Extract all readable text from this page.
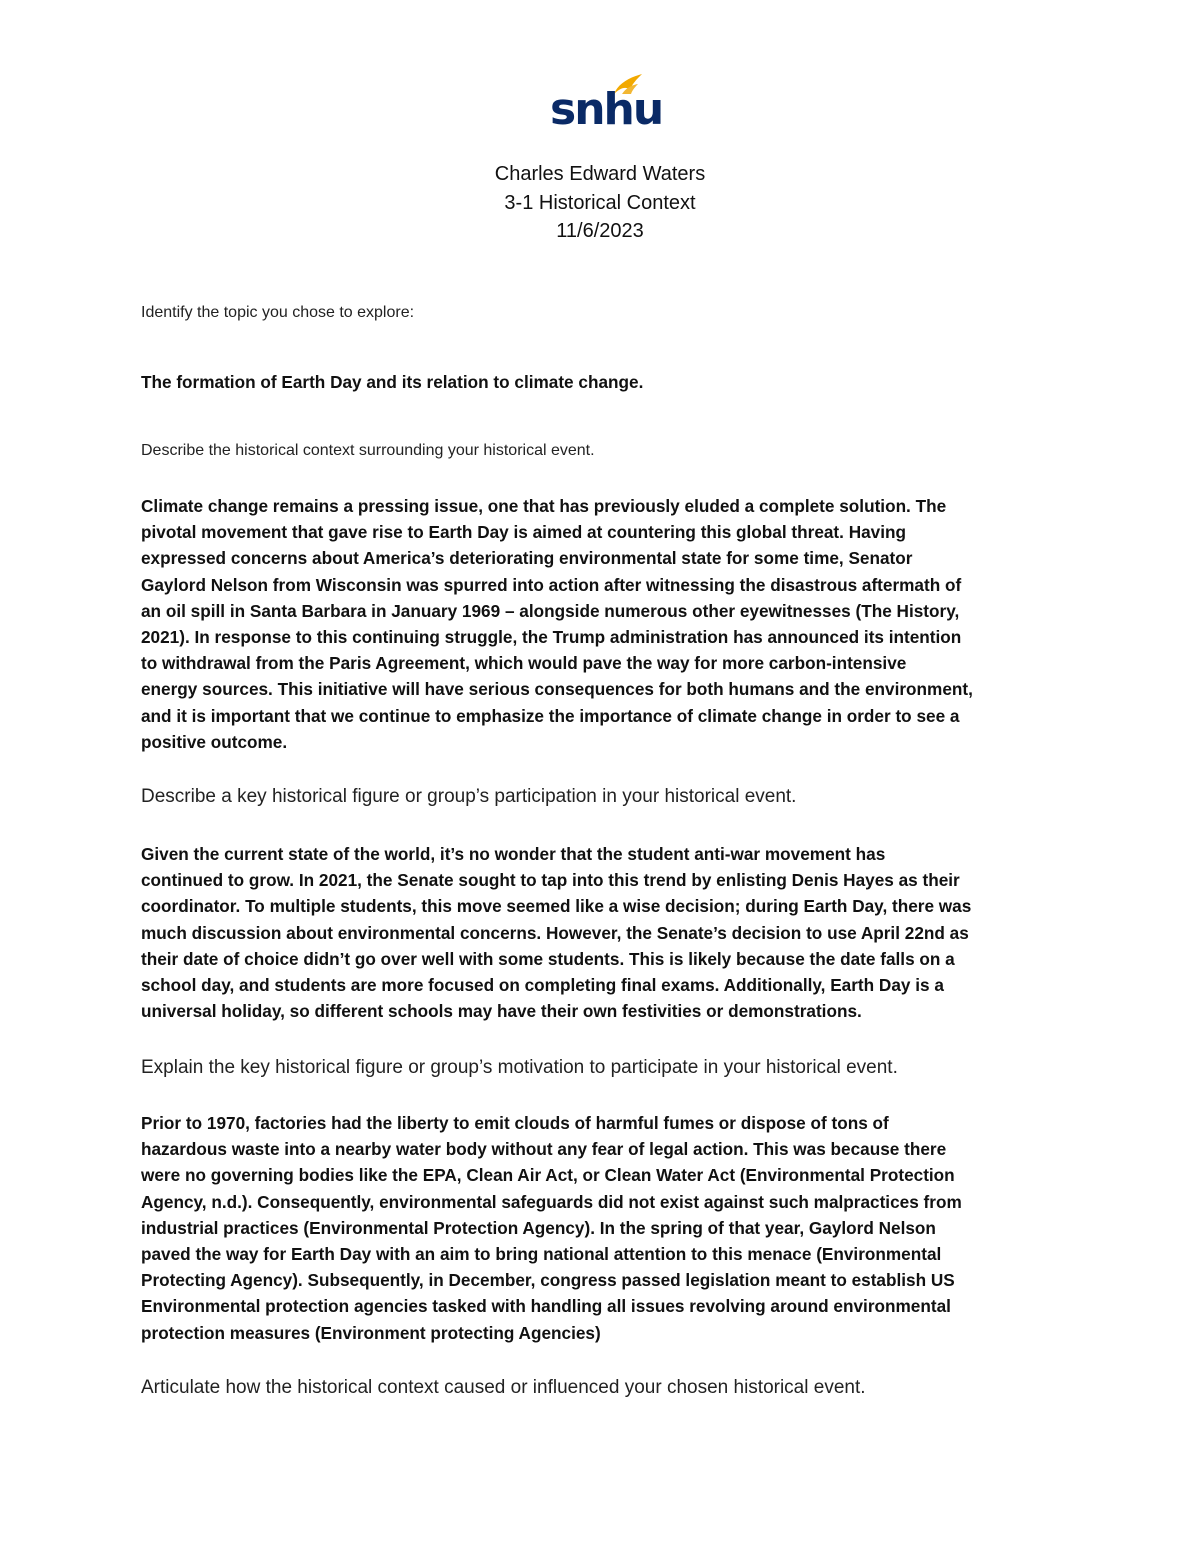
snhu
Charles Edward Waters
3-1 Historical Context
11/6/2023
Identify the topic you chose to explore:
The formation of Earth Day and its relation to climate change.
Describe the historical context surrounding your historical event.
Climate change remains a pressing issue, one that has previously eluded a complete solution. The
pivotal movement that gave rise to Earth Day is aimed at countering this global threat. Having
expressed concerns about America’s deteriorating environmental state for some time, Senator
Gaylord Nelson from Wisconsin was spurred into action after witnessing the disastrous aftermath of
an oil spill in Santa Barbara in January 1969 – alongside numerous other eyewitnesses (The History,
2021). In response to this continuing struggle, the Trump administration has announced its intention
to withdrawal from the Paris Agreement, which would pave the way for more carbon-intensive
energy sources. This initiative will have serious consequences for both humans and the environment,
and it is important that we continue to emphasize the importance of climate change in order to see a
positive outcome.
Describe a key historical figure or group’s participation in your historical event.
Given the current state of the world, it’s no wonder that the student anti-war movement has
continued to grow. In 2021, the Senate sought to tap into this trend by enlisting Denis Hayes as their
coordinator. To multiple students, this move seemed like a wise decision; during Earth Day, there was
much discussion about environmental concerns. However, the Senate’s decision to use April 22nd as
their date of choice didn’t go over well with some students. This is likely because the date falls on a
school day, and students are more focused on completing final exams. Additionally, Earth Day is a
universal holiday, so different schools may have their own festivities or demonstrations.
Explain the key historical figure or group’s motivation to participate in your historical event.
Prior to 1970, factories had the liberty to emit clouds of harmful fumes or dispose of tons of
hazardous waste into a nearby water body without any fear of legal action. This was because there
were no governing bodies like the EPA, Clean Air Act, or Clean Water Act (Environmental Protection
Agency, n.d.). Consequently, environmental safeguards did not exist against such malpractices from
industrial practices (Environmental Protection Agency). In the spring of that year, Gaylord Nelson
paved the way for Earth Day with an aim to bring national attention to this menace (Environmental
Protecting Agency). Subsequently, in December, congress passed legislation meant to establish US
Environmental protection agencies tasked with handling all issues revolving around environmental
protection measures (Environment protecting Agencies)
Articulate how the historical context caused or influenced your chosen historical event.
